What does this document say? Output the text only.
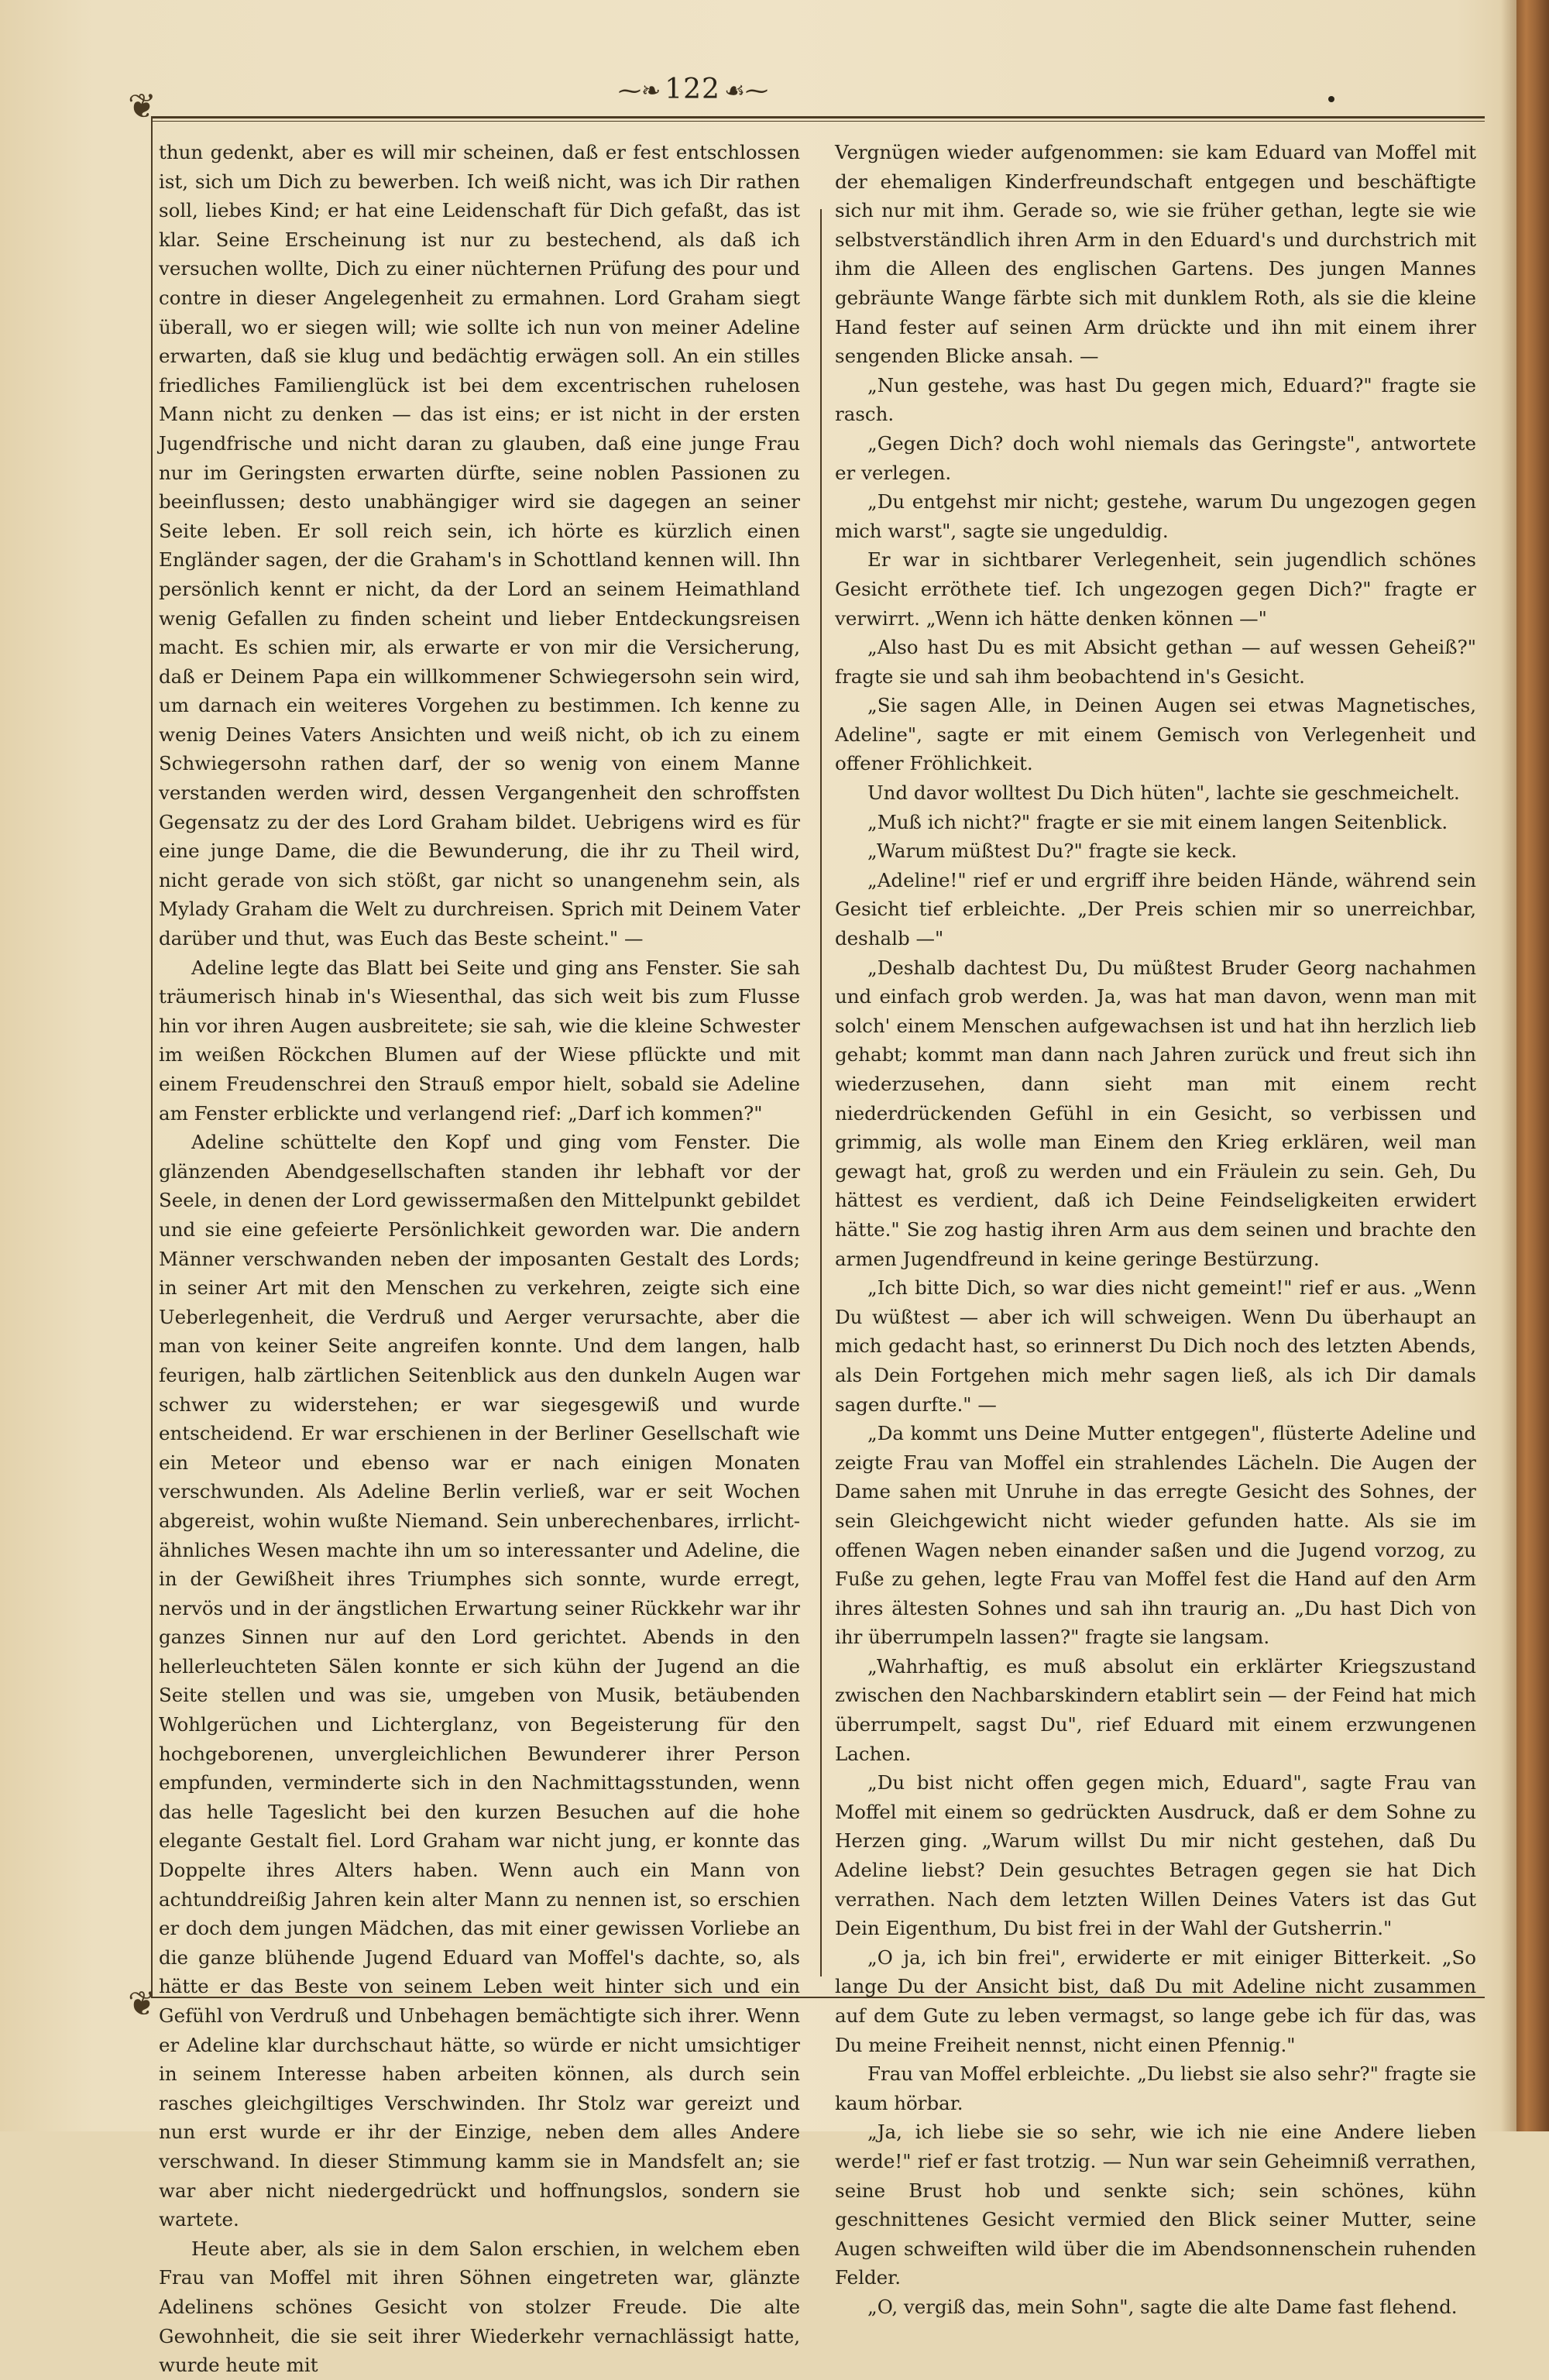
❦
❦
⁓❧ 122 ☙⁓

thun gedenkt, aber es will mir scheinen, daß er fest entschlossen ist, sich um Dich zu bewerben. Ich weiß nicht, was ich Dir rathen soll, liebes Kind; er hat eine Leidenschaft für Dich gefaßt, das ist klar. Seine Erscheinung ist nur zu bestechend, als daß ich versuchen wollte, Dich zu einer nüchternen Prüfung des pour und contre in dieser Angelegenheit zu ermahnen. Lord Graham siegt überall, wo er siegen will; wie sollte ich nun von meiner Adeline erwarten, daß sie klug und bedächtig erwägen soll. An ein stilles friedliches Familienglück ist bei dem excentrischen ruhelosen Mann nicht zu denken — das ist eins; er ist nicht in der ersten Jugendfrische und nicht daran zu glauben, daß eine junge Frau nur im Geringsten erwarten dürfte, seine noblen Passionen zu beeinflussen; desto unabhängiger wird sie dagegen an seiner Seite leben. Er soll reich sein, ich hörte es kürzlich einen Engländer sagen, der die Graham's in Schottland kennen will. Ihn persönlich kennt er nicht, da der Lord an seinem Heimathland wenig Gefallen zu finden scheint und lieber Entdeckungsreisen macht. Es schien mir, als erwarte er von mir die Versicherung, daß er Deinem Papa ein willkommener Schwiegersohn sein wird, um darnach ein weiteres Vorgehen zu bestimmen. Ich kenne zu wenig Deines Vaters Ansichten und weiß nicht, ob ich zu einem Schwiegersohn rathen darf, der so wenig von einem Manne verstanden werden wird, dessen Vergangenheit den schroffsten Gegensatz zu der des Lord Graham bildet. Uebrigens wird es für eine junge Dame, die die Bewunderung, die ihr zu Theil wird, nicht gerade von sich stößt, gar nicht so unangenehm sein, als Mylady Graham die Welt zu durchreisen. Sprich mit Deinem Vater darüber und thut, was Euch das Beste scheint." —

Adeline legte das Blatt bei Seite und ging ans Fenster. Sie sah träumerisch hinab in's Wiesenthal, das sich weit bis zum Flusse hin vor ihren Augen ausbreitete; sie sah, wie die kleine Schwester im weißen Röckchen Blumen auf der Wiese pflückte und mit einem Freudenschrei den Strauß empor hielt, sobald sie Adeline am Fenster erblickte und verlangend rief: „Darf ich kommen?"

Adeline schüttelte den Kopf und ging vom Fenster. Die glänzenden Abendgesellschaften standen ihr lebhaft vor der Seele, in denen der Lord gewissermaßen den Mittelpunkt gebildet und sie eine gefeierte Persönlichkeit geworden war. Die andern Männer verschwanden neben der imposanten Gestalt des Lords; in seiner Art mit den Menschen zu verkehren, zeigte sich eine Ueberlegenheit, die Verdruß und Aerger verursachte, aber die man von keiner Seite angreifen konnte. Und dem langen, halb feurigen, halb zärtlichen Seitenblick aus den dunkeln Augen war schwer zu widerstehen; er war siegesgewiß und wurde entscheidend. Er war erschienen in der Berliner Gesellschaft wie ein Meteor und ebenso war er nach einigen Monaten verschwunden. Als Adeline Berlin verließ, war er seit Wochen abgereist, wohin wußte Niemand. Sein unberechenbares, irrlicht-ähnliches Wesen machte ihn um so interessanter und Adeline, die in der Gewißheit ihres Triumphes sich sonnte, wurde erregt, nervös und in der ängstlichen Erwartung seiner Rückkehr war ihr ganzes Sinnen nur auf den Lord gerichtet. Abends in den hellerleuchteten Sälen konnte er sich kühn der Jugend an die Seite stellen und was sie, umgeben von Musik, betäubenden Wohlgerüchen und Lichterglanz, von Begeisterung für den hochgeborenen, unvergleichlichen Bewunderer ihrer Person empfunden, verminderte sich in den Nachmittagsstunden, wenn das helle Tageslicht bei den kurzen Besuchen auf die hohe elegante Gestalt fiel. Lord Graham war nicht jung, er konnte das Doppelte ihres Alters haben. Wenn auch ein Mann von achtunddreißig Jahren kein alter Mann zu nennen ist, so erschien er doch dem jungen Mädchen, das mit einer gewissen Vorliebe an die ganze blühende Jugend Eduard van Moffel's dachte, so, als hätte er das Beste von seinem Leben weit hinter sich und ein Gefühl von Verdruß und Unbehagen bemächtigte sich ihrer. Wenn er Adeline klar durchschaut hätte, so würde er nicht umsichtiger in seinem Interesse haben arbeiten können, als durch sein rasches gleichgiltiges Verschwinden. Ihr Stolz war gereizt und nun erst wurde er ihr der Einzige, neben dem alles Andere verschwand. In dieser Stimmung kamm sie in Mandsfelt an; sie war aber nicht niedergedrückt und hoffnungslos, sondern sie wartete.

Heute aber, als sie in dem Salon erschien, in welchem eben Frau van Moffel mit ihren Söhnen eingetreten war, glänzte Adelinens schönes Gesicht von stolzer Freude. Die alte Gewohnheit, die sie seit ihrer Wiederkehr vernachlässigt hatte, wurde heute mit

Vergnügen wieder aufgenommen: sie kam Eduard van Moffel mit der ehemaligen Kinderfreundschaft entgegen und beschäftigte sich nur mit ihm. Gerade so, wie sie früher gethan, legte sie wie selbstverständlich ihren Arm in den Eduard's und durchstrich mit ihm die Alleen des englischen Gartens. Des jungen Mannes gebräunte Wange färbte sich mit dunklem Roth, als sie die kleine Hand fester auf seinen Arm drückte und ihn mit einem ihrer sengenden Blicke ansah. —

„Nun gestehe, was hast Du gegen mich, Eduard?" fragte sie rasch.

„Gegen Dich? doch wohl niemals das Geringste", antwortete er verlegen.

„Du entgehst mir nicht; gestehe, warum Du ungezogen gegen mich warst", sagte sie ungeduldig.

Er war in sichtbarer Verlegenheit, sein jugendlich schönes Gesicht erröthete tief. Ich ungezogen gegen Dich?" fragte er verwirrt. „Wenn ich hätte denken können —"

„Also hast Du es mit Absicht gethan — auf wessen Geheiß?" fragte sie und sah ihm beobachtend in's Gesicht.

„Sie sagen Alle, in Deinen Augen sei etwas Magnetisches, Adeline", sagte er mit einem Gemisch von Verlegenheit und offener Fröhlichkeit.

Und davor wolltest Du Dich hüten", lachte sie geschmeichelt.

„Muß ich nicht?" fragte er sie mit einem langen Seitenblick.

„Warum müßtest Du?" fragte sie keck.

„Adeline!" rief er und ergriff ihre beiden Hände, während sein Gesicht tief erbleichte. „Der Preis schien mir so unerreichbar, deshalb —"

„Deshalb dachtest Du, Du müßtest Bruder Georg nachahmen und einfach grob werden. Ja, was hat man davon, wenn man mit solch' einem Menschen aufgewachsen ist und hat ihn herzlich lieb gehabt; kommt man dann nach Jahren zurück und freut sich ihn wiederzusehen, dann sieht man mit einem recht niederdrückenden Gefühl in ein Gesicht, so verbissen und grimmig, als wolle man Einem den Krieg erklären, weil man gewagt hat, groß zu werden und ein Fräulein zu sein. Geh, Du hättest es verdient, daß ich Deine Feindseligkeiten erwidert hätte." Sie zog hastig ihren Arm aus dem seinen und brachte den armen Jugendfreund in keine geringe Bestürzung.

„Ich bitte Dich, so war dies nicht gemeint!" rief er aus. „Wenn Du wüßtest — aber ich will schweigen. Wenn Du überhaupt an mich gedacht hast, so erinnerst Du Dich noch des letzten Abends, als Dein Fortgehen mich mehr sagen ließ, als ich Dir damals sagen durfte." —

„Da kommt uns Deine Mutter entgegen", flüsterte Adeline und zeigte Frau van Moffel ein strahlendes Lächeln. Die Augen der Dame sahen mit Unruhe in das erregte Gesicht des Sohnes, der sein Gleichgewicht nicht wieder gefunden hatte. Als sie im offenen Wagen neben einander saßen und die Jugend vorzog, zu Fuße zu gehen, legte Frau van Moffel fest die Hand auf den Arm ihres ältesten Sohnes und sah ihn traurig an. „Du hast Dich von ihr überrumpeln lassen?" fragte sie langsam.

„Wahrhaftig, es muß absolut ein erklärter Kriegszustand zwischen den Nachbarskindern etablirt sein — der Feind hat mich überrumpelt, sagst Du", rief Eduard mit einem erzwungenen Lachen.

„Du bist nicht offen gegen mich, Eduard", sagte Frau van Moffel mit einem so gedrückten Ausdruck, daß er dem Sohne zu Herzen ging. „Warum willst Du mir nicht gestehen, daß Du Adeline liebst? Dein gesuchtes Betragen gegen sie hat Dich verrathen. Nach dem letzten Willen Deines Vaters ist das Gut Dein Eigenthum, Du bist frei in der Wahl der Gutsherrin."

„O ja, ich bin frei", erwiderte er mit einiger Bitterkeit. „So lange Du der Ansicht bist, daß Du mit Adeline nicht zusammen auf dem Gute zu leben vermagst, so lange gebe ich für das, was Du meine Freiheit nennst, nicht einen Pfennig."

Frau van Moffel erbleichte. „Du liebst sie also sehr?" fragte sie kaum hörbar.

„Ja, ich liebe sie so sehr, wie ich nie eine Andere lieben werde!" rief er fast trotzig. — Nun war sein Geheimniß verrathen, seine Brust hob und senkte sich; sein schönes, kühn geschnittenes Gesicht vermied den Blick seiner Mutter, seine Augen schweiften wild über die im Abendsonnenschein ruhenden Felder.

„O, vergiß das, mein Sohn", sagte die alte Dame fast flehend.
